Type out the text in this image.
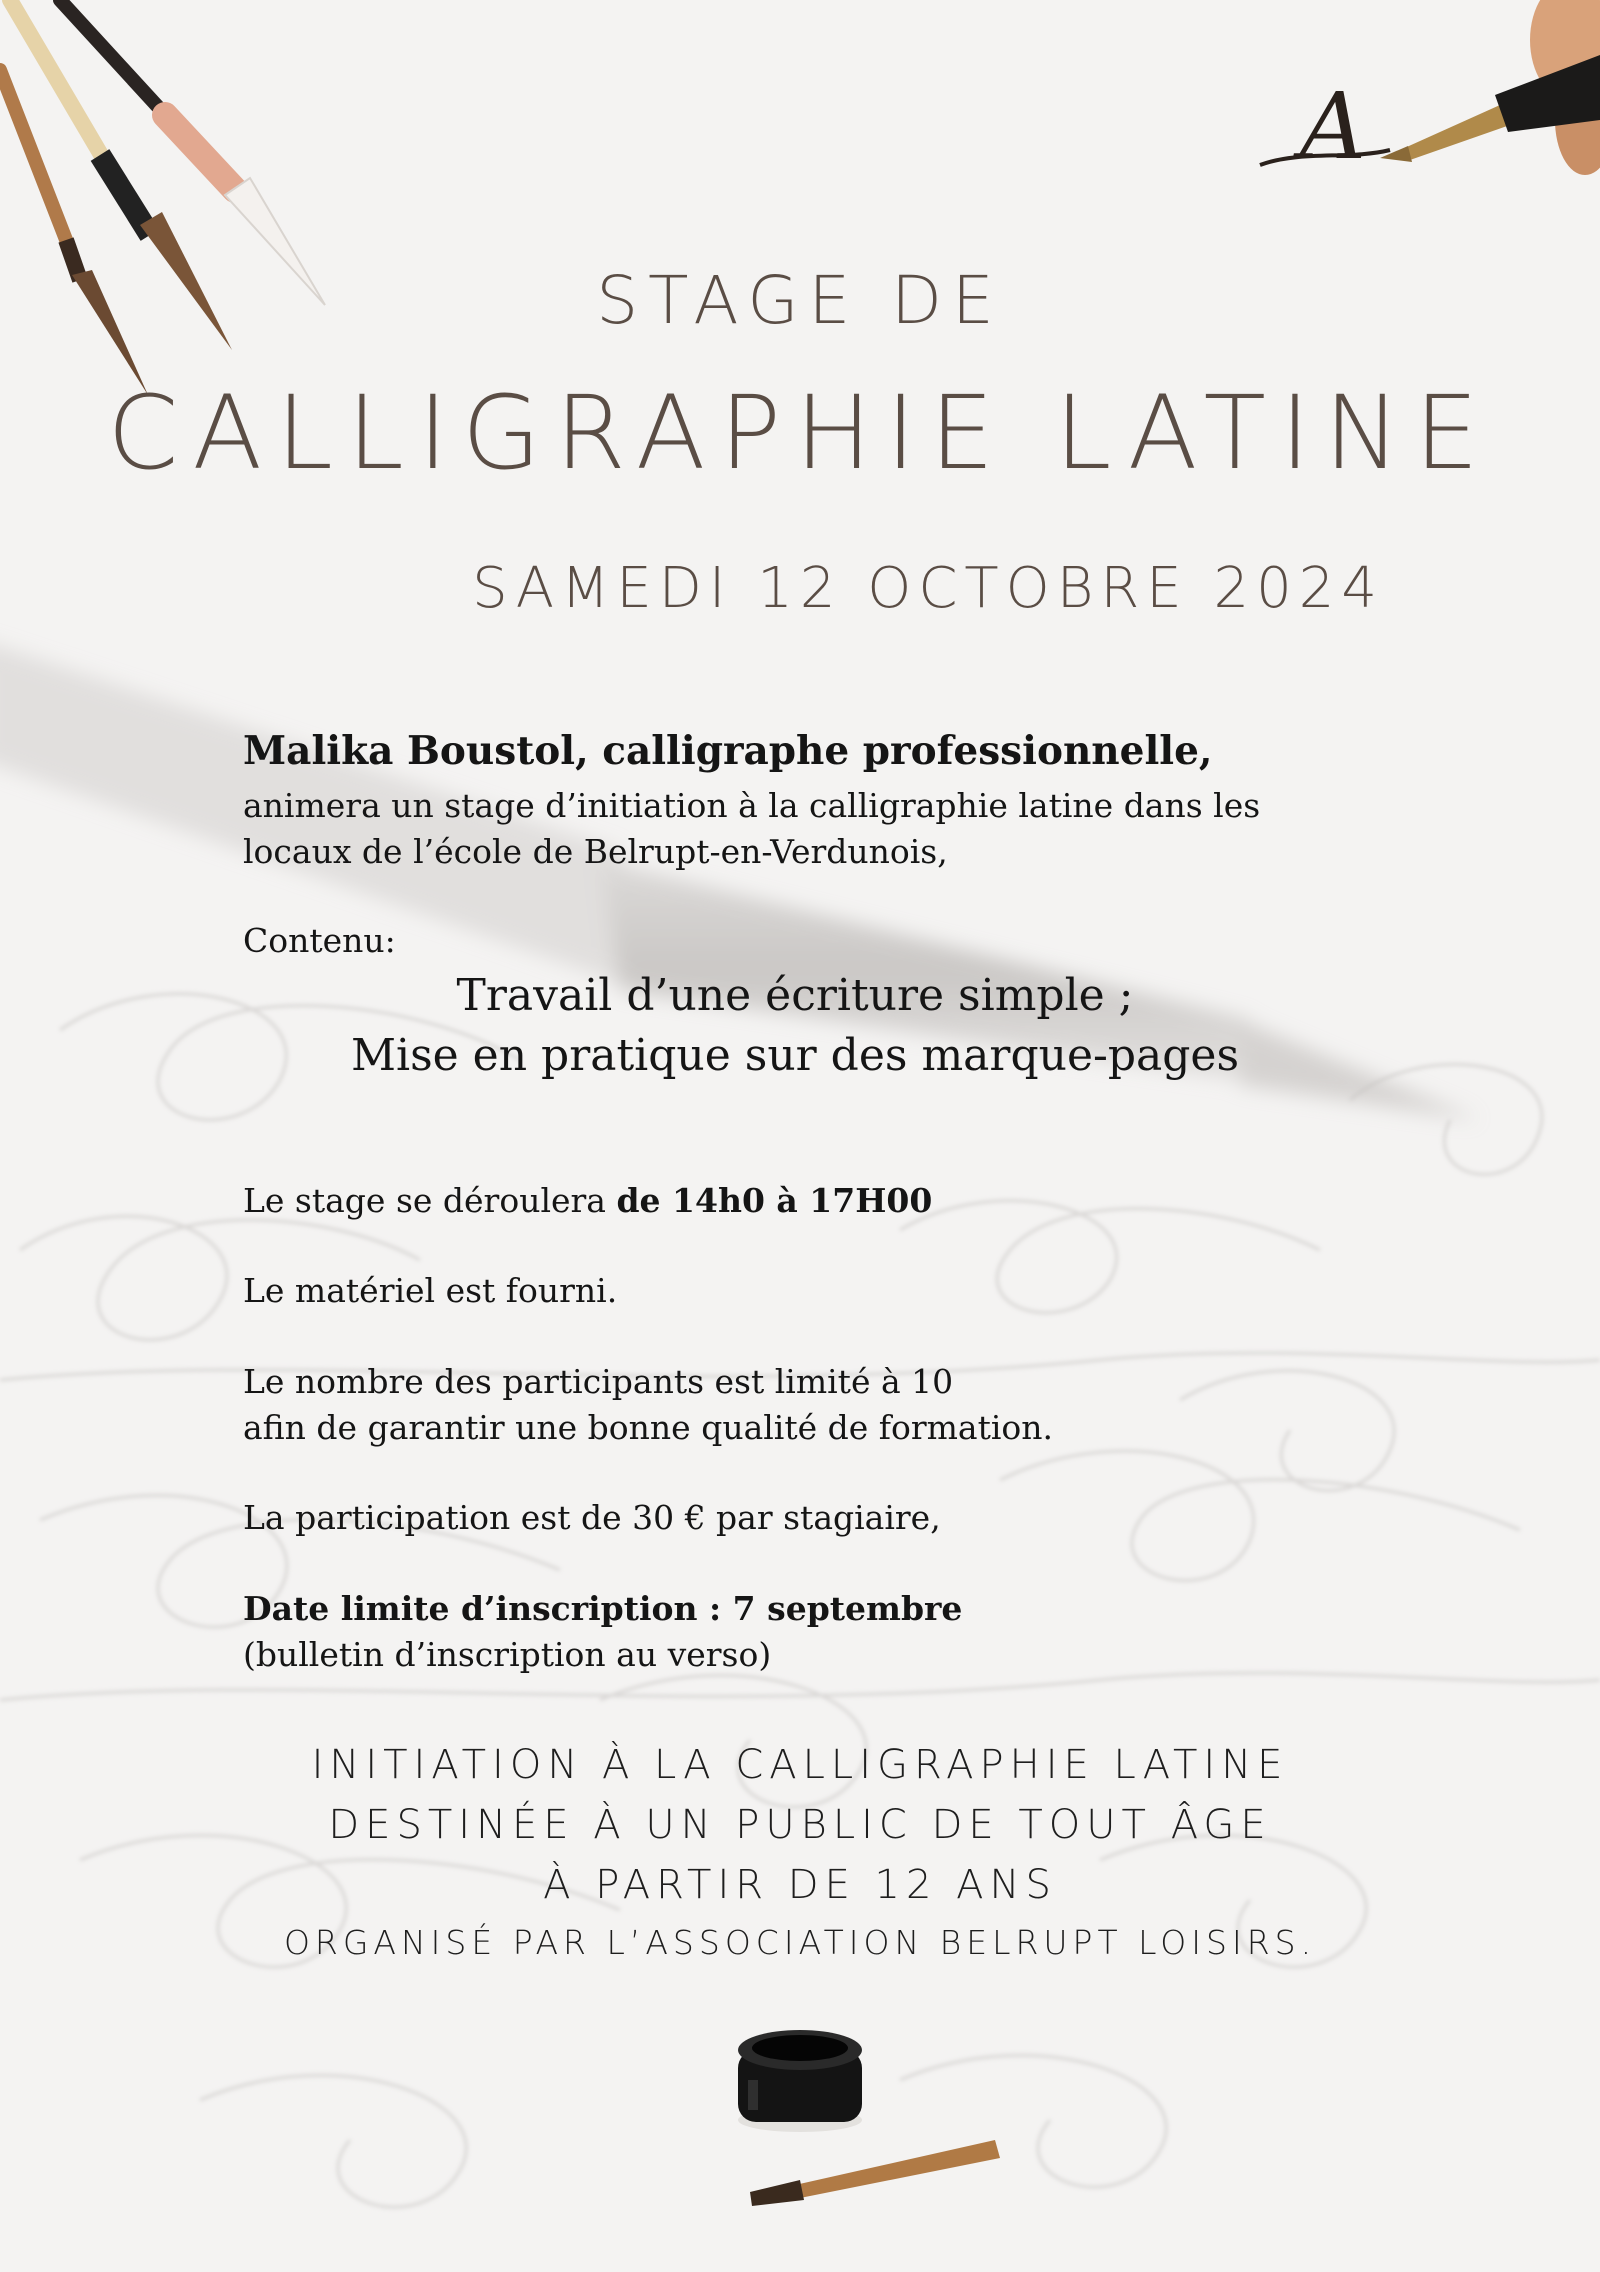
A
STAGE DE
CALLIGRAPHIE LATINE
SAMEDI 12 OCTOBRE 2024

Malika Boustol, calligraphe professionnelle,

animera un stage d’initiation à la calligraphie latine dans les

locaux de l’école de Belrupt-en-Verdunois,

Contenu:

Travail d’une écriture simple ;

Mise en pratique sur des marque-pages

Le stage se déroulera de 14h0 à 17H00

Le matériel est fourni.

Le nombre des participants est limité à 10

afin de garantir une bonne qualité de formation.

La participation est de 30 € par stagiaire,

Date limite d’inscription : 7 septembre

(bulletin d’inscription au verso)

INITIATION À LA CALLIGRAPHIE LATINE

DESTINÉE À UN PUBLIC DE TOUT ÂGE

À PARTIR DE 12 ANS

ORGANISÉ PAR L’ASSOCIATION BELRUPT LOISIRS.
